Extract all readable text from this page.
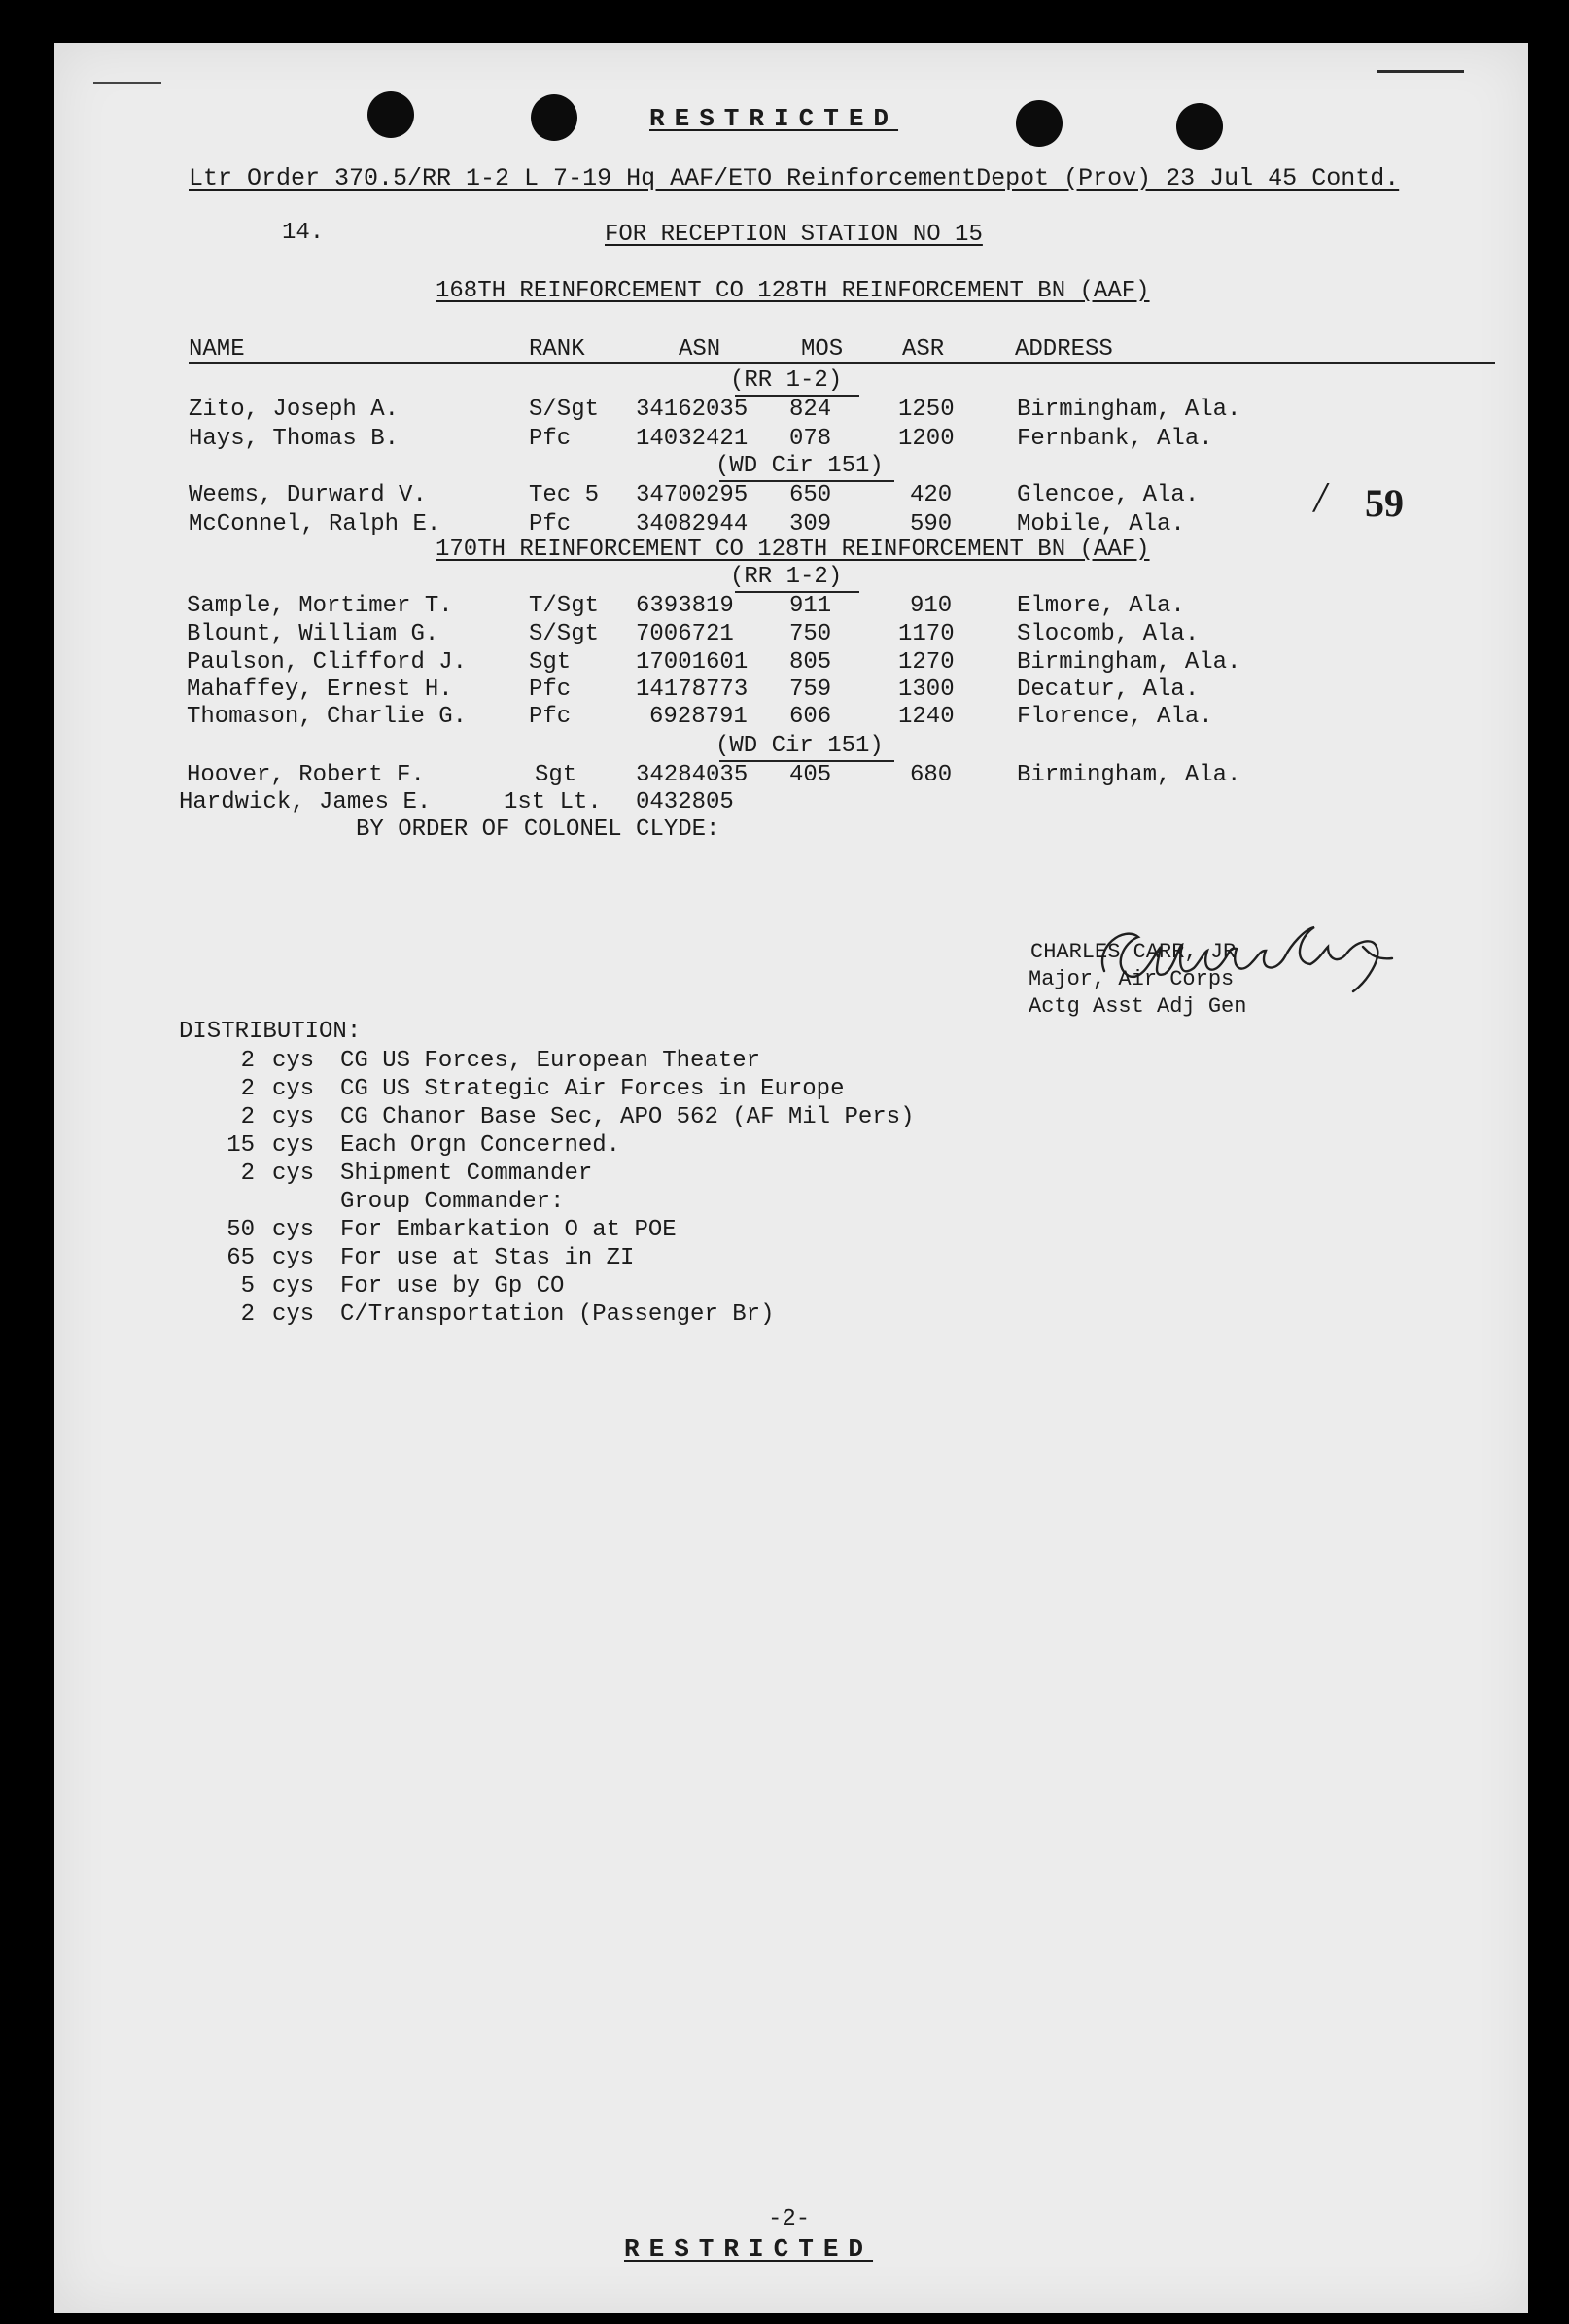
RESTRICTED
Ltr Order 370.5/RR 1-2 L 7-19 Hq AAF/ETO ReinforcementDepot (Prov) 23 Jul 45 Contd.
14.	FOR RECEPTION STATION NO 15
168TH REINFORCEMENT CO 128TH REINFORCEMENT BN (AAF)
NAME	RANK	ASN	MOS	ASR	ADDRESS
(RR 1-2)
Zito, Joseph A.	S/Sgt 34162035 824	1250	Birmingham, Ala.
Hays, Thomas B.	Pfc	14032421 078	1200	Fernbank, Ala.
(WD Cir 151)
Weems, Durward V.	Tec 5 34700295 650	420	Glencoe, Ala.
McConnel, Ralph E.	Pfc	34082944 309	590	Mobile, Ala.
/ 59
170TH REINFORCEMENT CO 128TH REINFORCEMENT BN (AAF)
(RR 1-2)
Sample, Mortimer T.	T/Sgt 6393819 911	910	Elmore, Ala.
Blount, William G.	S/Sgt 7006721 750	1170	Slocomb, Ala.
Paulson, Clifford J.	Sgt	17001601 805	1270	Birmingham, Ala.
Mahaffey, Ernest H.	Pfc	14178773 759	1300	Decatur, Ala.
Thomason, Charlie G.	Pfc	6928791 606	1240	Florence, Ala.
(WD Cir 151)
Hoover, Robert F.	Sgt	34284035 405	680	Birmingham, Ala.
Hardwick, James E.	1st Lt. 0432805
BY ORDER OF COLONEL CLYDE:
CHARLES CARR, JR
Major, Air Corps
Actg Asst Adj Gen
DISTRIBUTION:
2 cys CG US Forces, European Theater
2 cys CG US Strategic Air Forces in Europe
2 cys CG Chanor Base Sec, APO 562 (AF Mil Pers)
15 cys Each Orgn Concerned.
2 cys Shipment Commander
Group Commander:
50 cys For Embarkation O at POE
65 cys For use at Stas in ZI
5 cys For use by Gp CO
2 cys C/Transportation (Passenger Br)
-2-
RESTRICTED
